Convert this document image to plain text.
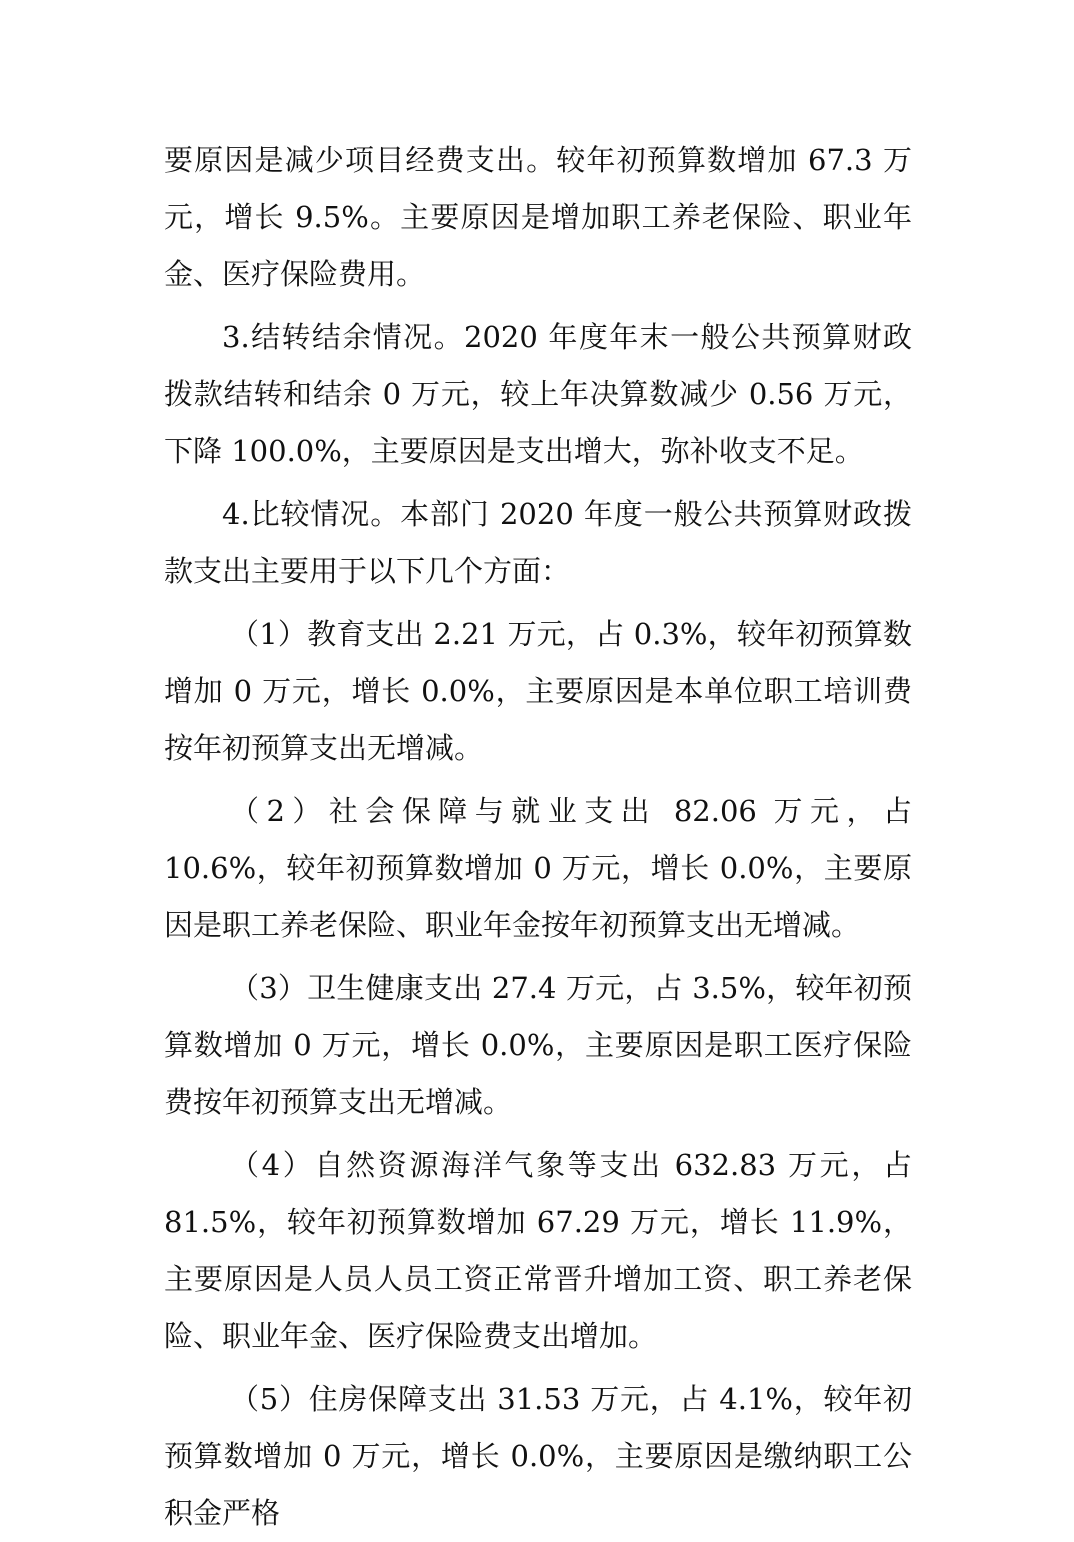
要原因是减少项目经费支出。较年初预算数增加 67.3 万元，增长 9.5%。主要原因是增加职工养老保险、职业年金、医疗保险费用。

3.结转结余情况。2020 年度年末一般公共预算财政拨款结转和结余 0 万元，较上年决算数减少 0.56 万元，下降 100.0%，主要原因是支出增大，弥补收支不足。

4.比较情况。本部门 2020 年度一般公共预算财政拨款支出主要用于以下几个方面：

（1）教育支出 2.21 万元，占 0.3%，较年初预算数增加 0 万元，增长 0.0%，主要原因是本单位职工培训费按年初预算支出无增减。

（2）社会保障与就业支出 82.06 万元，占 10.6%，较年初预算数增加 0 万元，增长 0.0%，主要原因是职工养老保险、职业年金按年初预算支出无增减。

（3）卫生健康支出 27.4 万元，占 3.5%，较年初预算数增加 0 万元，增长 0.0%，主要原因是职工医疗保险费按年初预算支出无增减。

（4）自然资源海洋气象等支出 632.83 万元，占 81.5%，较年初预算数增加 67.29 万元，增长 11.9%，主要原因是人员人员工资正常晋升增加工资、职工养老保险、职业年金、医疗保险费支出增加。

（5）住房保障支出 31.53 万元，占 4.1%，较年初预算数增加 0 万元，增长 0.0%，主要原因是缴纳职工公积金严格
